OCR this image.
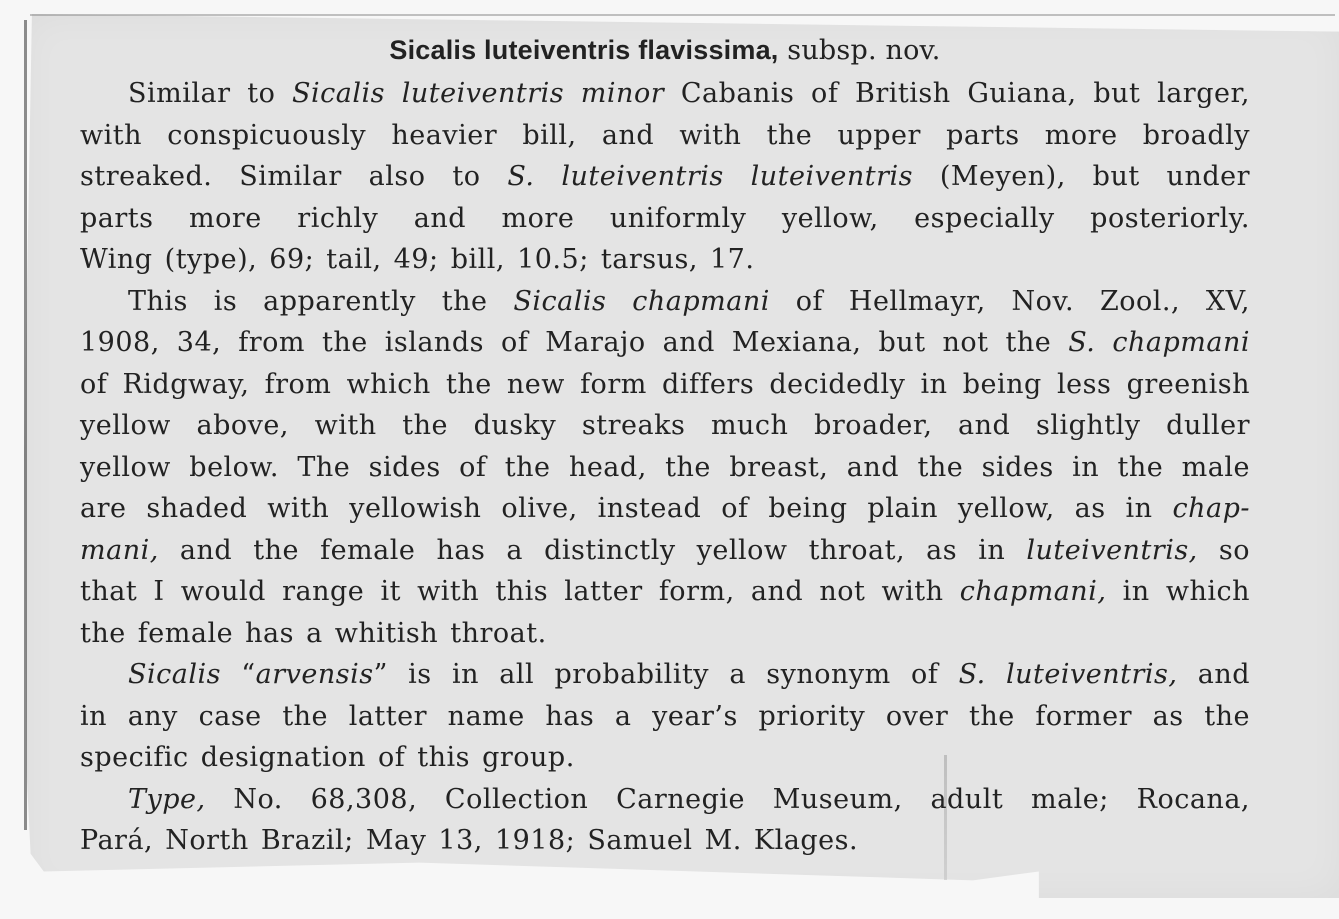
Sicalis luteiventris flavissima, subsp. nov.
Similar to Sicalis luteiventris minor Cabanis of British Guiana, but larger,
with conspicuously heavier bill, and with the upper parts more broadly
streaked. Similar also to S. luteiventris luteiventris (Meyen), but under
parts more richly and more uniformly yellow, especially posteriorly.
Wing (type), 69; tail, 49; bill, 10.5; tarsus, 17.
This is apparently the Sicalis chapmani of Hellmayr, Nov. Zool., XV,
1908, 34, from the islands of Marajo and Mexiana, but not the S. chapmani
of Ridgway, from which the new form differs decidedly in being less greenish
yellow above, with the dusky streaks much broader, and slightly duller
yellow below. The sides of the head, the breast, and the sides in the male
are shaded with yellowish olive, instead of being plain yellow, as in chap-
mani, and the female has a distinctly yellow throat, as in luteiventris, so
that I would range it with this latter form, and not with chapmani, in which
the female has a whitish throat.
Sicalis “arvensis” is in all probability a synonym of S. luteiventris, and
in any case the latter name has a year’s priority over the former as the
specific designation of this group.
Type, No. 68,308, Collection Carnegie Museum, adult male; Rocana,
Pará, North Brazil; May 13, 1918; Samuel M. Klages.
